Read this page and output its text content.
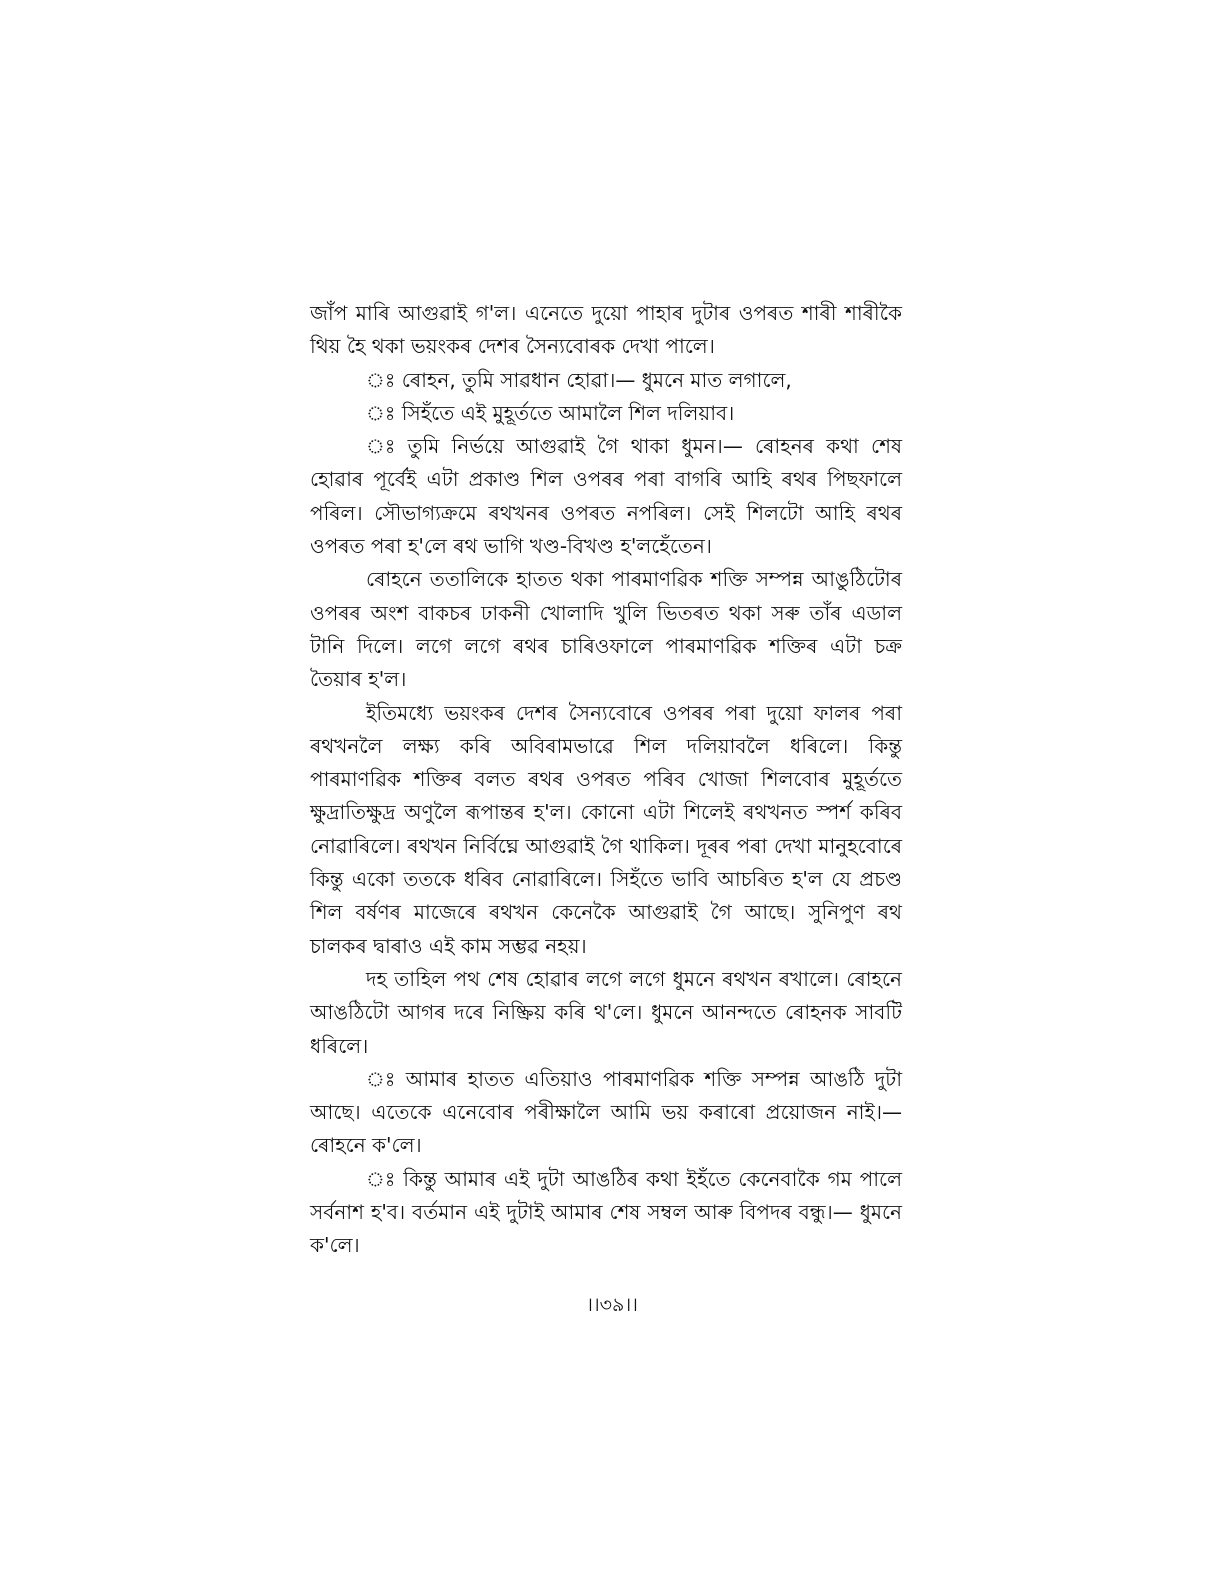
জাঁপ মাৰি আগুৱাই গ'ল। এনেতে দুয়ো পাহাৰ দুটাৰ ওপৰত শাৰী শাৰীকৈ থিয় হৈ থকা ভয়ংকৰ দেশৰ সৈন্যবোৰক দেখা পালে।

ঃ ৰোহন, তুমি সাৱধান হোৱা।— ধুমনে মাত লগালে,

ঃ সিহঁতে এই মুহূৰ্ততে আমালৈ শিল দলিয়াব।

ঃ তুমি নিৰ্ভয়ে আগুৱাই গৈ থাকা ধুমন।— ৰোহনৰ কথা শেষ হোৱাৰ পূৰ্বেই এটা প্ৰকাণ্ড শিল ওপৰৰ পৰা বাগৰি আহি ৰথৰ পিছফালে পৰিল। সৌভাগ্যক্ৰমে ৰথখনৰ ওপৰত নপৰিল। সেই শিলটো আহি ৰথৰ ওপৰত পৰা হ'লে ৰথ ভাগি খণ্ড-বিখণ্ড হ'লহেঁতেন।

ৰোহনে ততালিকে হাতত থকা পাৰমাণৱিক শক্তি সম্পন্ন আঙুঠিটোৰ ওপৰৰ অংশ বাকচৰ ঢাকনী খোলাদি খুলি ভিতৰত থকা সৰু তাঁৰ এডাল টানি দিলে। লগে লগে ৰথৰ চাৰিওফালে পাৰমাণৱিক শক্তিৰ এটা চক্ৰ তৈয়াৰ হ'ল।

ইতিমধ্যে ভয়ংকৰ দেশৰ সৈন্যবোৰে ওপৰৰ পৰা দুয়ো ফালৰ পৰা ৰথখনলৈ লক্ষ্য কৰি অবিৰামভাৱে শিল দলিয়াবলৈ ধৰিলে। কিন্তু পাৰমাণৱিক শক্তিৰ বলত ৰথৰ ওপৰত পৰিব খোজা শিলবোৰ মুহূৰ্ততে ক্ষুদ্ৰাতিক্ষুদ্ৰ অণুলৈ ৰূপান্তৰ হ'ল। কোনো এটা শিলেই ৰথখনত স্পৰ্শ কৰিব নোৱাৰিলে। ৰথখন নিৰ্বিঘ্নে আগুৱাই গৈ থাকিল। দূৰৰ পৰা দেখা মানুহবোৰে কিন্তু একো ততকে ধৰিব নোৱাৰিলে। সিহঁতে ভাবি আচৰিত হ'ল যে প্ৰচণ্ড শিল বৰ্ষণৰ মাজেৰে ৰথখন কেনেকৈ আগুৱাই গৈ আছে। সুনিপুণ ৰথ চালকৰ দ্বাৰাও এই কাম সম্ভৱ নহয়।

দহ তাহিল পথ শেষ হোৱাৰ লগে লগে ধুমনে ৰথখন ৰখালে। ৰোহনে আঙঠিটো আগৰ দৰে নিষ্ক্ৰিয় কৰি থ'লে। ধুমনে আনন্দতে ৰোহনক সাবটি ধৰিলে।

ঃ আমাৰ হাতত এতিয়াও পাৰমাণৱিক শক্তি সম্পন্ন আঙঠি দুটা আছে। এতেকে এনেবোৰ পৰীক্ষালৈ আমি ভয় কৰাৰো প্ৰয়োজন নাই।— ৰোহনে ক'লে।

ঃ কিন্তু আমাৰ এই দুটা আঙঠিৰ কথা ইহঁতে কেনেবাকৈ গম পালে সৰ্বনাশ হ'ব। বৰ্তমান এই দুটাই আমাৰ শেষ সম্বল আৰু বিপদৰ বন্ধু।— ধুমনে ক'লে।

।।৩৯।।
